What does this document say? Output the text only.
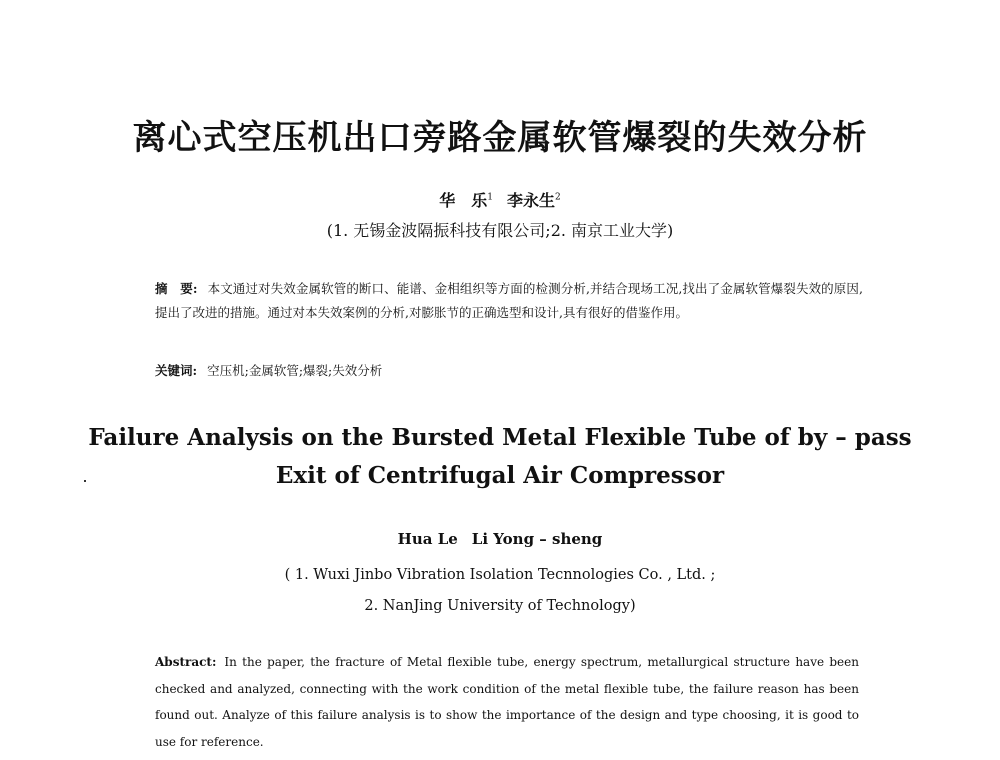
离心式空压机出口旁路金属软管爆裂的失效分析
华　乐$^1$ 李永生$^2$
(1. 无锡金波隔振科技有限公司;2. 南京工业大学)
摘　要: 本文通过对失效金属软管的断口、能谱、金相组织等方面的检测分析,并结合现场工况,找出了金属软管爆裂失效的原因,提出了改进的措施。通过对本失效案例的分析,对膨胀节的正确选型和设计,具有很好的借鉴作用。
关键词: 空压机;金属软管;爆裂;失效分析
Failure Analysis on the Bursted Metal Flexible Tube of by – pass
Exit of Centrifugal Air Compressor
Hua Le Li Yong – sheng
( 1. Wuxi Jinbo Vibration Isolation Tecnnologies Co. , Ltd. ;
2. NanJing University of Technology)
Abstract: In the paper, the fracture of Metal flexible tube, energy spectrum, metallurgical structure have been checked and analyzed, connecting with the work condition of the metal flexible tube, the failure reason has been found out. Analyze of this failure analysis is to show the importance of the design and type choosing, it is good to use for reference.
